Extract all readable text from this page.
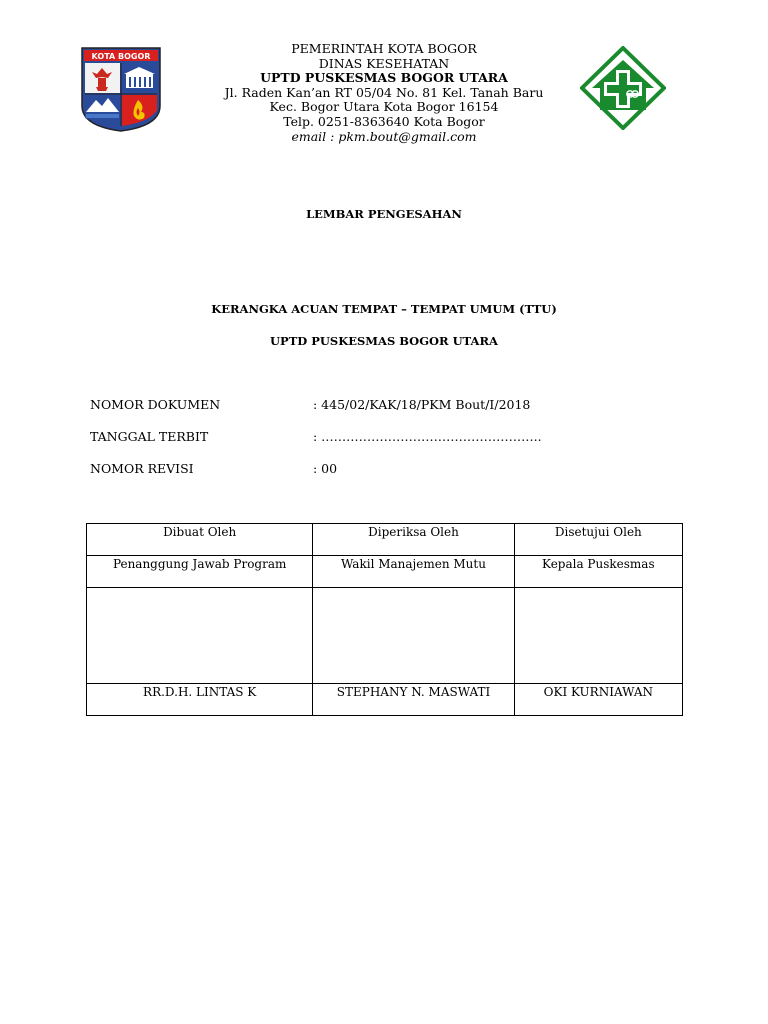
KOTA BOGOR
PEMERINTAH KOTA BOGOR
DINAS KESEHATAN
UPTD PUSKESMAS BOGOR UTARA
Jl. Raden Kan’an RT 05/04 No. 81 Kel. Tanah Baru
Kec. Bogor Utara Kota Bogor 16154
Telp. 0251-8363640 Kota Bogor
email : pkm.bout@gmail.com
LEMBAR PENGESAHAN
KERANGKA ACUAN TEMPAT – TEMPAT UMUM (TTU)
UPTD PUSKESMAS BOGOR UTARA
NOMOR DOKUMEN	: 445/02/KAK/18/PKM Bout/I/2018
TANGGAL TERBIT	: ……………………………………………..
NOMOR REVISI	: 00
Dibuat Oleh	Diperiksa Oleh	Disetujui Oleh

Penanggung Jawab Program	Wakil Manajemen Mutu	Kepala Puskesmas

RR.D.H. LINTAS K	STEPHANY N. MASWATI	OKI KURNIAWAN
